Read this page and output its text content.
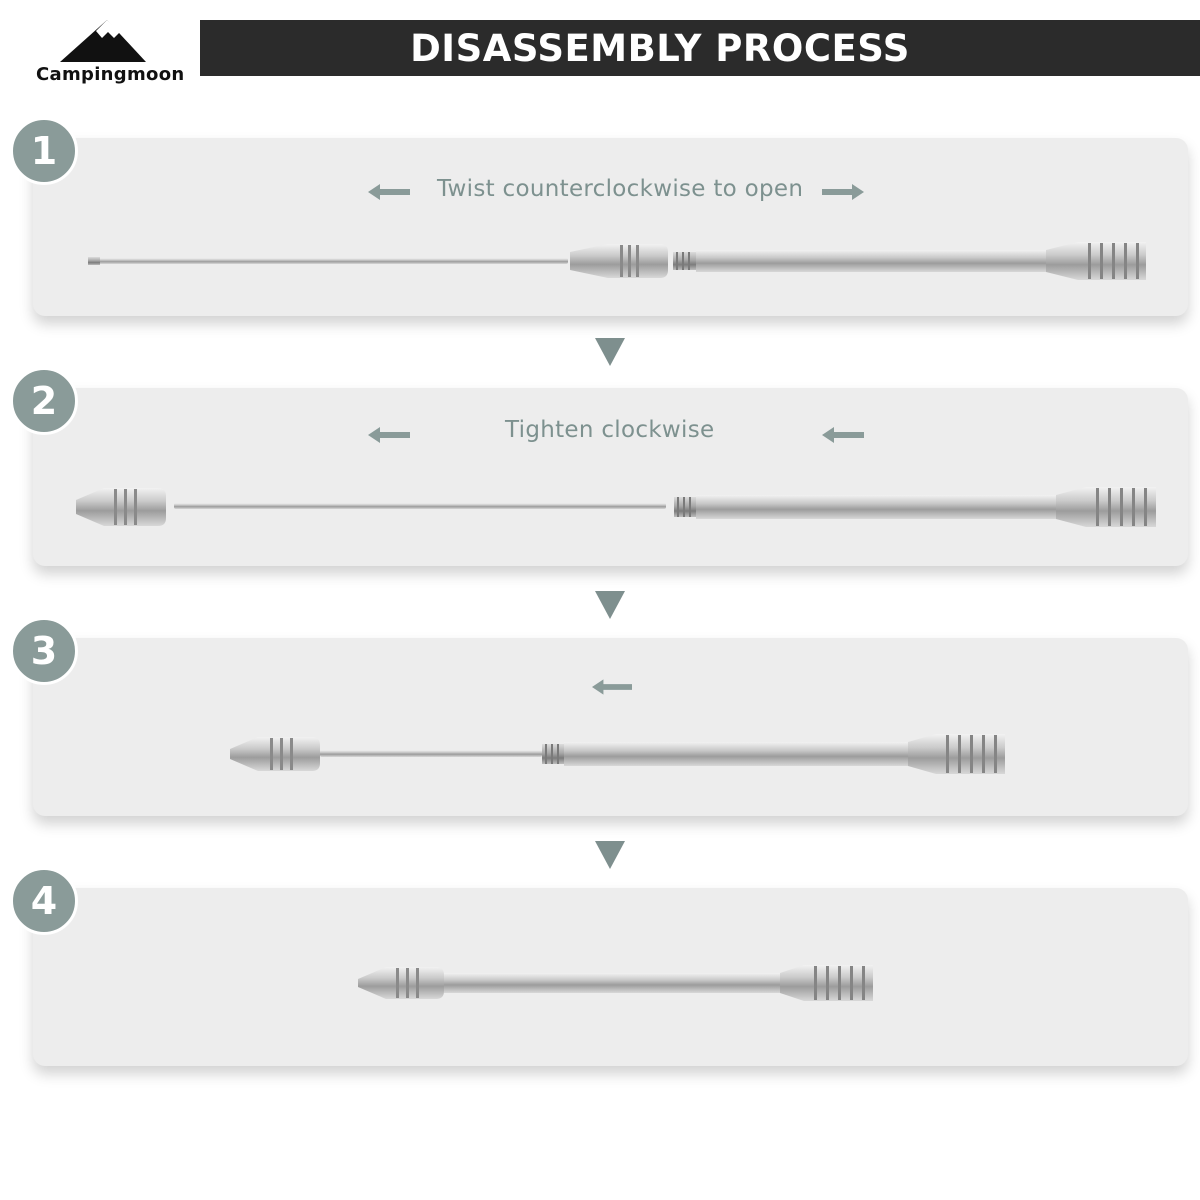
Campingmoon
DISASSEMBLY PROCESS
1
Twist counterclockwise to open
2
Tighten clockwise
3
4
